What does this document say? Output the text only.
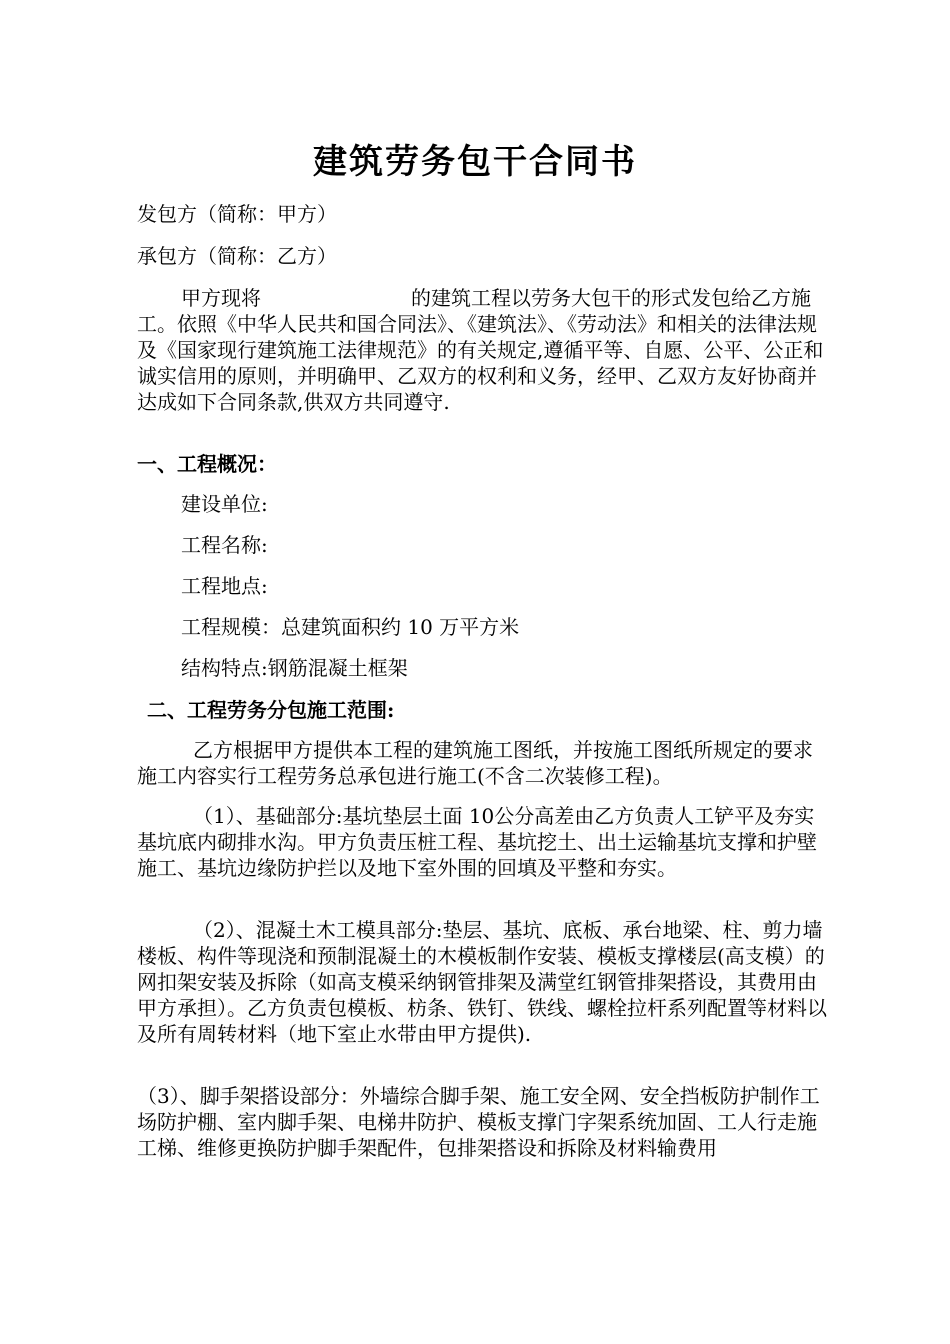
建筑劳务包干合同书
发包方（简称：甲方）
承包方（简称：乙方）
甲方现将	的建筑工程以劳务大包干的形式发包给乙方施工。依照《中华人民共和国合同法》、《建筑法》、《劳动法》和相关的法律法规及《国家现行建筑施工法律规范》的有关规定,遵循平等、自愿、公平、公正和诚实信用的原则，并明确甲、乙双方的权利和义务，经甲、乙双方友好协商并达成如下合同条款,供双方共同遵守.
一、工程概况：
建设单位:
工程名称:
工程地点:
工程规模：总建筑面积约 10 万平方米
结构特点:钢筋混凝土框架
二、工程劳务分包施工范围:
乙方根据甲方提供本工程的建筑施工图纸，并按施工图纸所规定的要求施工内容实行工程劳务总承包进行施工(不含二次装修工程)。
（1）、基础部分:基坑垫层土面 10公分高差由乙方负责人工铲平及夯实基坑底内砌排水沟。甲方负责压桩工程、基坑挖土、出土运输基坑支撑和护壁施工、基坑边缘防护拦以及地下室外围的回填及平整和夯实。
（2）、混凝土木工模具部分:垫层、基坑、底板、承台地梁、柱、剪力墙楼板、构件等现浇和预制混凝土的木模板制作安装、模板支撑楼层(高支模）的网扣架安装及拆除（如高支模采纳钢管排架及满堂红钢管排架搭设，其费用由甲方承担）。乙方负责包模板、枋条、铁钉、铁线、螺栓拉杆系列配置等材料以及所有周转材料（地下室止水带由甲方提供).
（3）、脚手架搭设部分：外墙综合脚手架、施工安全网、安全挡板防护制作工场防护棚、室内脚手架、电梯井防护、模板支撑门字架系统加固、工人行走施工梯、维修更换防护脚手架配件，包排架搭设和拆除及材料输费用
